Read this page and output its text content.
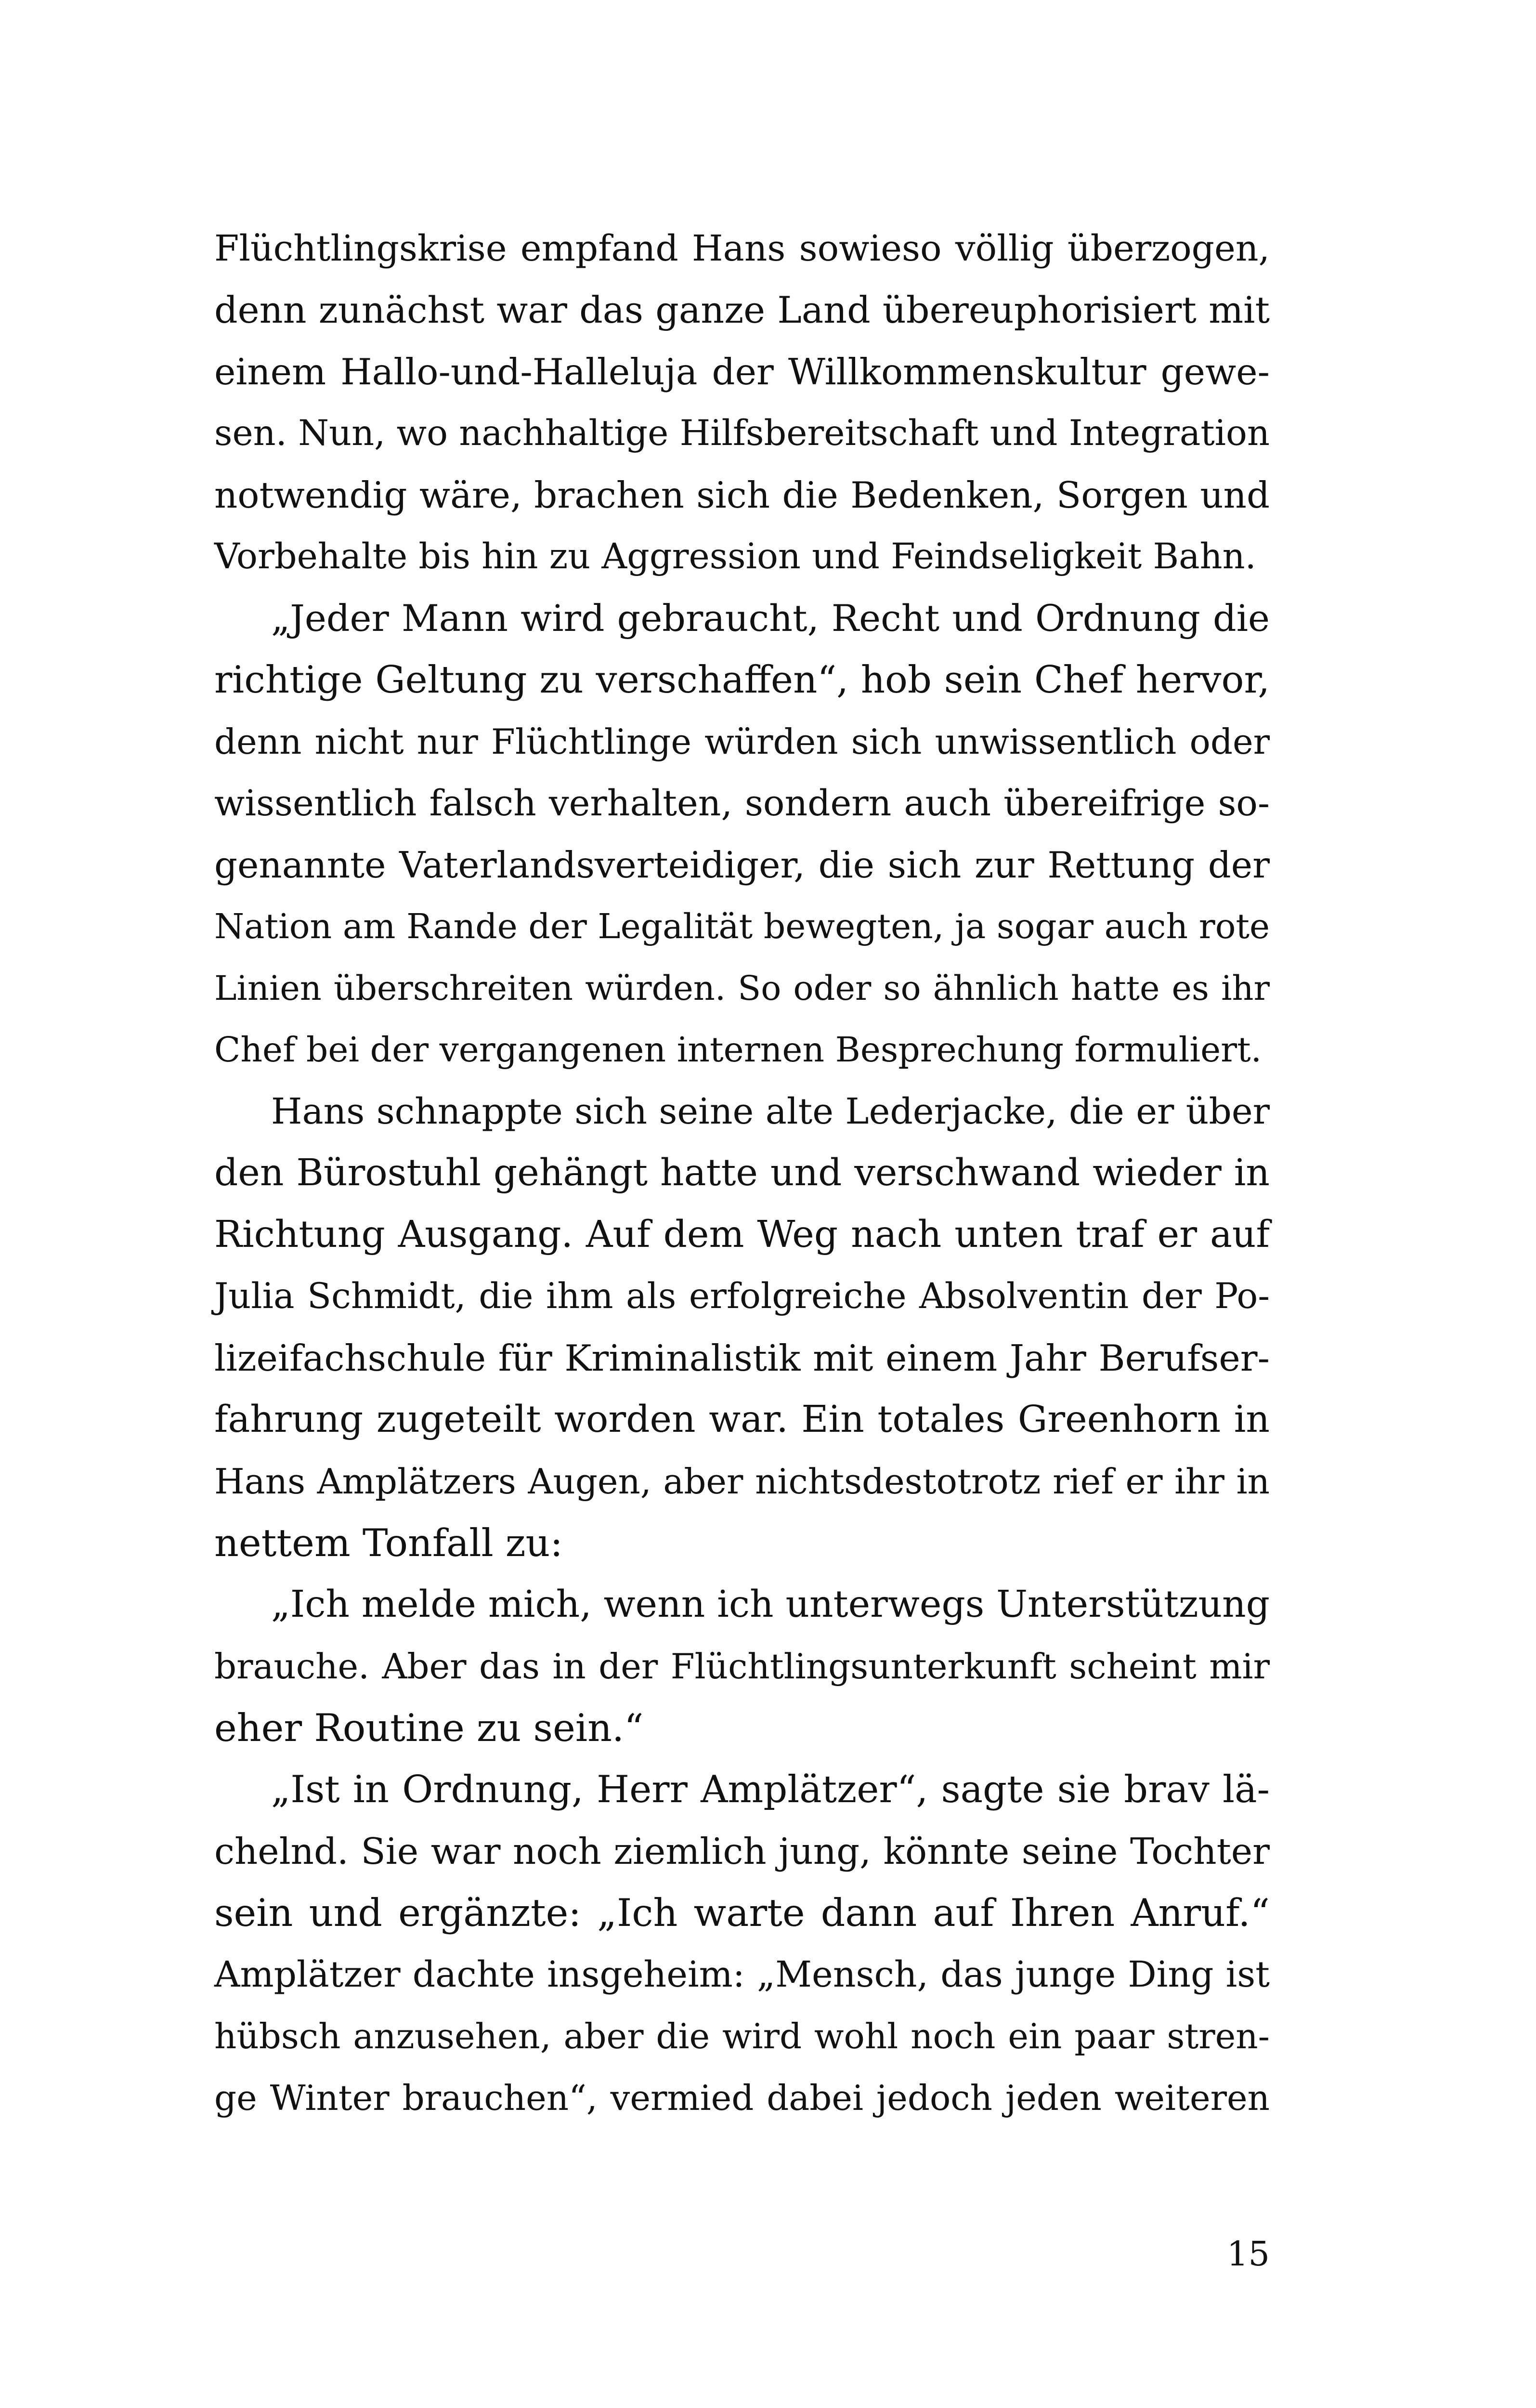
Flüchtlingskrise empfand Hans sowieso völlig überzogen,
denn zunächst war das ganze Land übereuphorisiert mit
einem Hallo-und-Halleluja der Willkommenskultur gewe-
sen. Nun, wo nachhaltige Hilfsbereitschaft und Integration
notwendig wäre, brachen sich die Bedenken, Sorgen und
Vorbehalte bis hin zu Aggression und Feindseligkeit Bahn.
„Jeder Mann wird gebraucht, Recht und Ordnung die
richtige Geltung zu verschaffen“, hob sein Chef hervor,
denn nicht nur Flüchtlinge würden sich unwissentlich oder
wissentlich falsch verhalten, sondern auch übereifrige so-
genannte Vaterlandsverteidiger, die sich zur Rettung der
Nation am Rande der Legalität bewegten, ja sogar auch rote
Linien überschreiten würden. So oder so ähnlich hatte es ihr
Chef bei der vergangenen internen Besprechung formuliert.
Hans schnappte sich seine alte Lederjacke, die er über
den Bürostuhl gehängt hatte und verschwand wieder in
Richtung Ausgang. Auf dem Weg nach unten traf er auf
Julia Schmidt, die ihm als erfolgreiche Absolventin der Po-
lizeifachschule für Kriminalistik mit einem Jahr Berufser-
fahrung zugeteilt worden war. Ein totales Greenhorn in
Hans Amplätzers Augen, aber nichtsdestotrotz rief er ihr in
nettem Tonfall zu:
„Ich melde mich, wenn ich unterwegs Unterstützung
brauche. Aber das in der Flüchtlingsunterkunft scheint mir
eher Routine zu sein.“
„Ist in Ordnung, Herr Amplätzer“, sagte sie brav lä-
chelnd. Sie war noch ziemlich jung, könnte seine Tochter
sein und ergänzte: „Ich warte dann auf Ihren Anruf.“
Amplätzer dachte insgeheim: „Mensch, das junge Ding ist
hübsch anzusehen, aber die wird wohl noch ein paar stren-
ge Winter brauchen“, vermied dabei jedoch jeden weiteren
15
